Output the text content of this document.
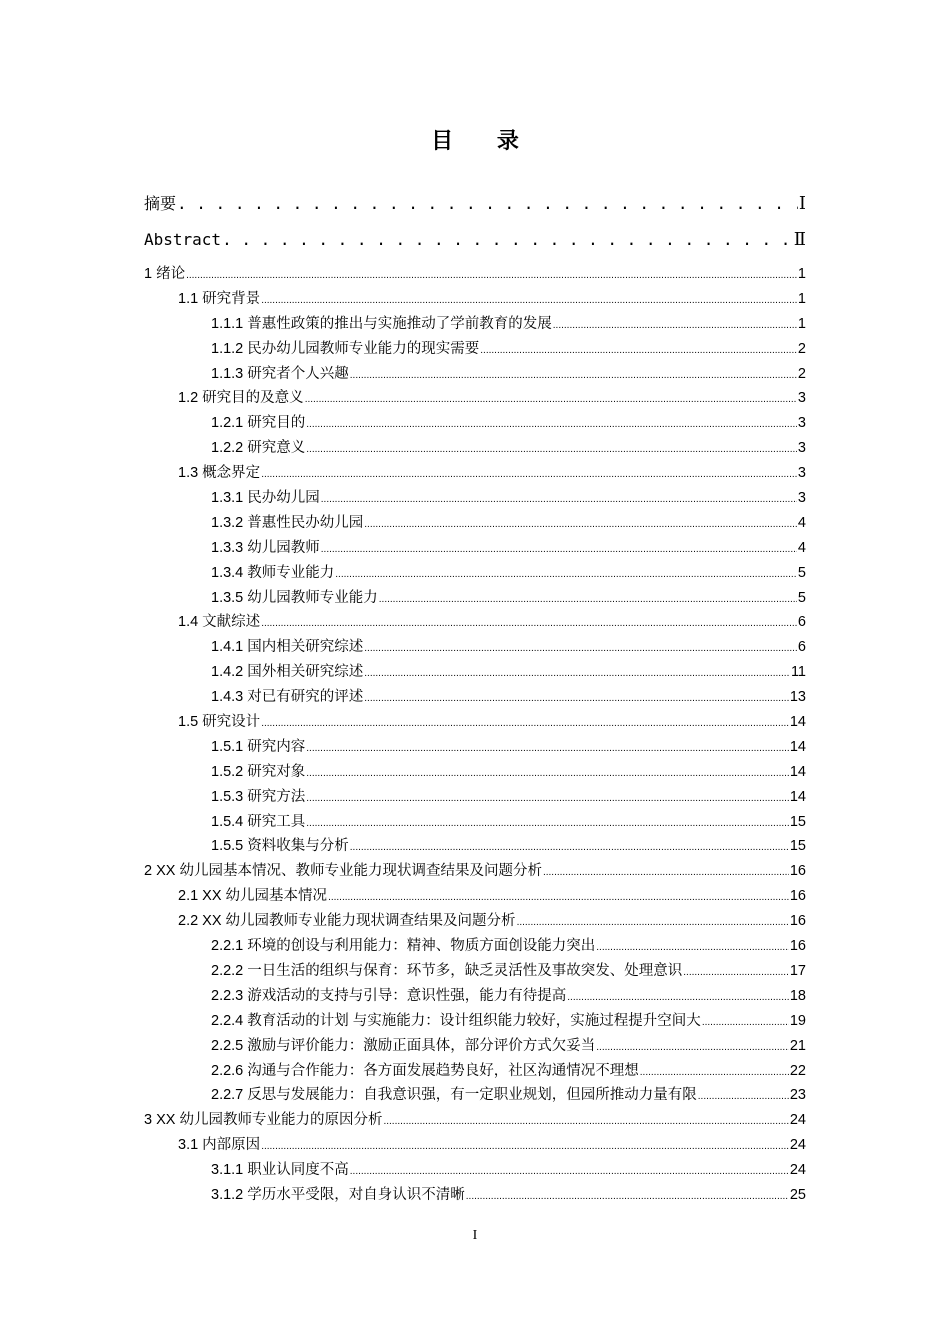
目 录
摘要 . . .	Ⅰ
Abstract . . .	Ⅱ
1 绪论 .....	1
1.1 研究背景 .....	1
1.1.1 普惠性政策的推出与实施推动了学前教育的发展 .....	1
1.1.2 民办幼儿园教师专业能力的现实需要 .....	2
1.1.3 研究者个人兴趣 .....	2
1.2 研究目的及意义 .....	3
1.2.1 研究目的 .....	3
1.2.2 研究意义 .....	3
1.3 概念界定 .....	3
1.3.1 民办幼儿园 .....	3
1.3.2 普惠性民办幼儿园 .....	4
1.3.3 幼儿园教师 .....	4
1.3.4 教师专业能力 .....	5
1.3.5 幼儿园教师专业能力 .....	5
1.4 文献综述 .....	6
1.4.1 国内相关研究综述 .....	6
1.4.2 国外相关研究综述 .....	11
1.4.3 对已有研究的评述 .....	13
1.5 研究设计 .....	14
1.5.1 研究内容 .....	14
1.5.2 研究对象 .....	14
1.5.3 研究方法 .....	14
1.5.4 研究工具 .....	15
1.5.5 资料收集与分析 .....	15
2 XX 幼儿园基本情况、教师专业能力现状调查结果及问题分析 .....	16
2.1 XX 幼儿园基本情况 .....	16
2.2 XX 幼儿园教师专业能力现状调查结果及问题分析 .....	16
2.2.1 环境的创设与利用能力：精神、物质方面创设能力突出 .....	16
2.2.2 一日生活的组织与保育：环节多，缺乏灵活性及事故突发、处理意识 .....	17
2.2.3 游戏活动的支持与引导：意识性强，能力有待提高 .....	18
2.2.4 教育活动的计划 与实施能力：设计组织能力较好，实施过程提升空间大 .....	19
2.2.5 激励与评价能力：激励正面具体，部分评价方式欠妥当 .....	21
2.2.6 沟通与合作能力：各方面发展趋势良好，社区沟通情况不理想 .....	22
2.2.7 反思与发展能力：自我意识强，有一定职业规划，但园所推动力量有限 .....	23
3 XX 幼儿园教师专业能力的原因分析 .....	24
3.1 内部原因 .....	24
3.1.1 职业认同度不高 .....	24
3.1.2 学历水平受限，对自身认识不清晰 .....	25
I
